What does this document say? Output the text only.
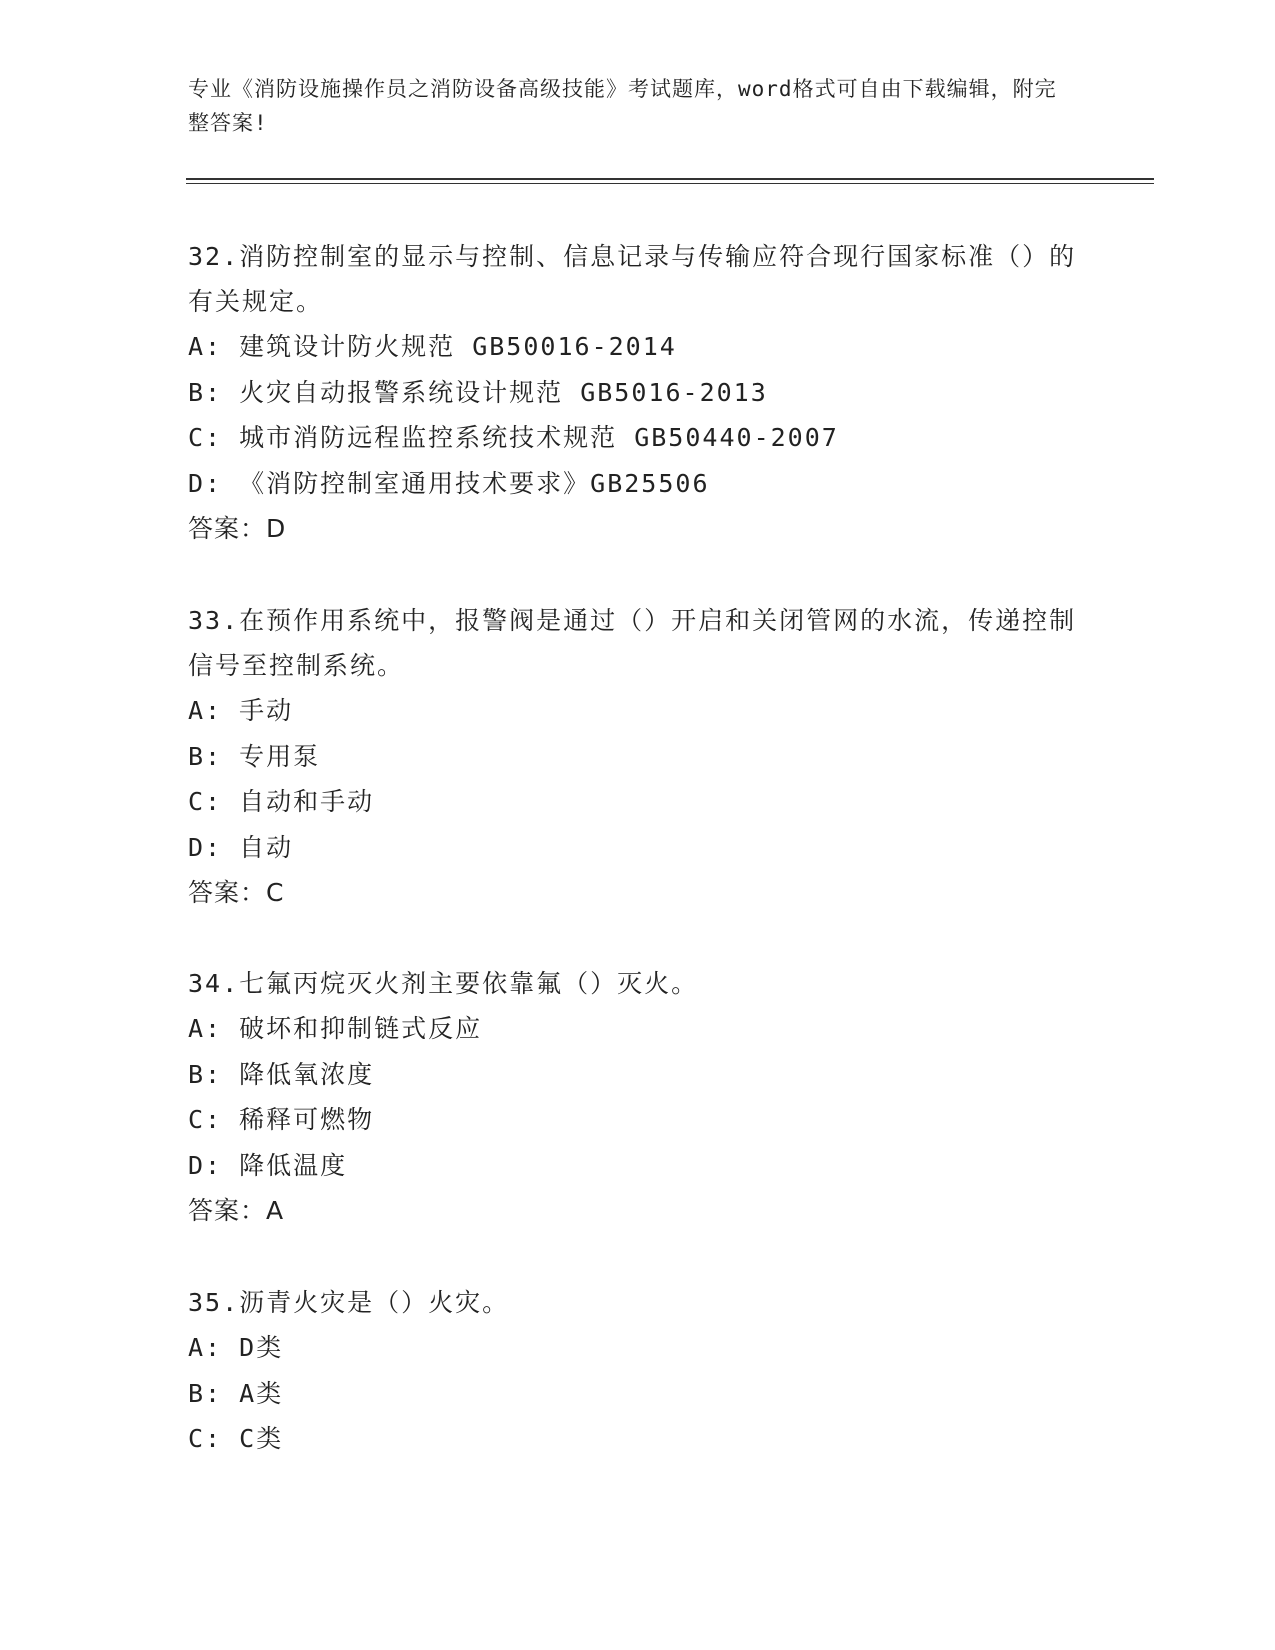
专业《消防设施操作员之消防设备高级技能》考试题库，word格式可自由下载编辑，附完整答案!

32.消防控制室的显示与控制、信息记录与传输应符合现行国家标准（）的有关规定。

A: 建筑设计防火规范 GB50016-2014

B: 火灾自动报警系统设计规范 GB5016-2013

C: 城市消防远程监控系统技术规范 GB50440-2007

D: 《消防控制室通用技术要求》GB25506

答案：D

33.在预作用系统中，报警阀是通过（）开启和关闭管网的水流，传递控制信号至控制系统。

A: 手动

B: 专用泵

C: 自动和手动

D: 自动

答案：C

34.七氟丙烷灭火剂主要依靠氟（）灭火。

A: 破坏和抑制链式反应

B: 降低氧浓度

C: 稀释可燃物

D: 降低温度

答案：A

35.沥青火灾是（）火灾。

A: D类

B: A类

C: C类
